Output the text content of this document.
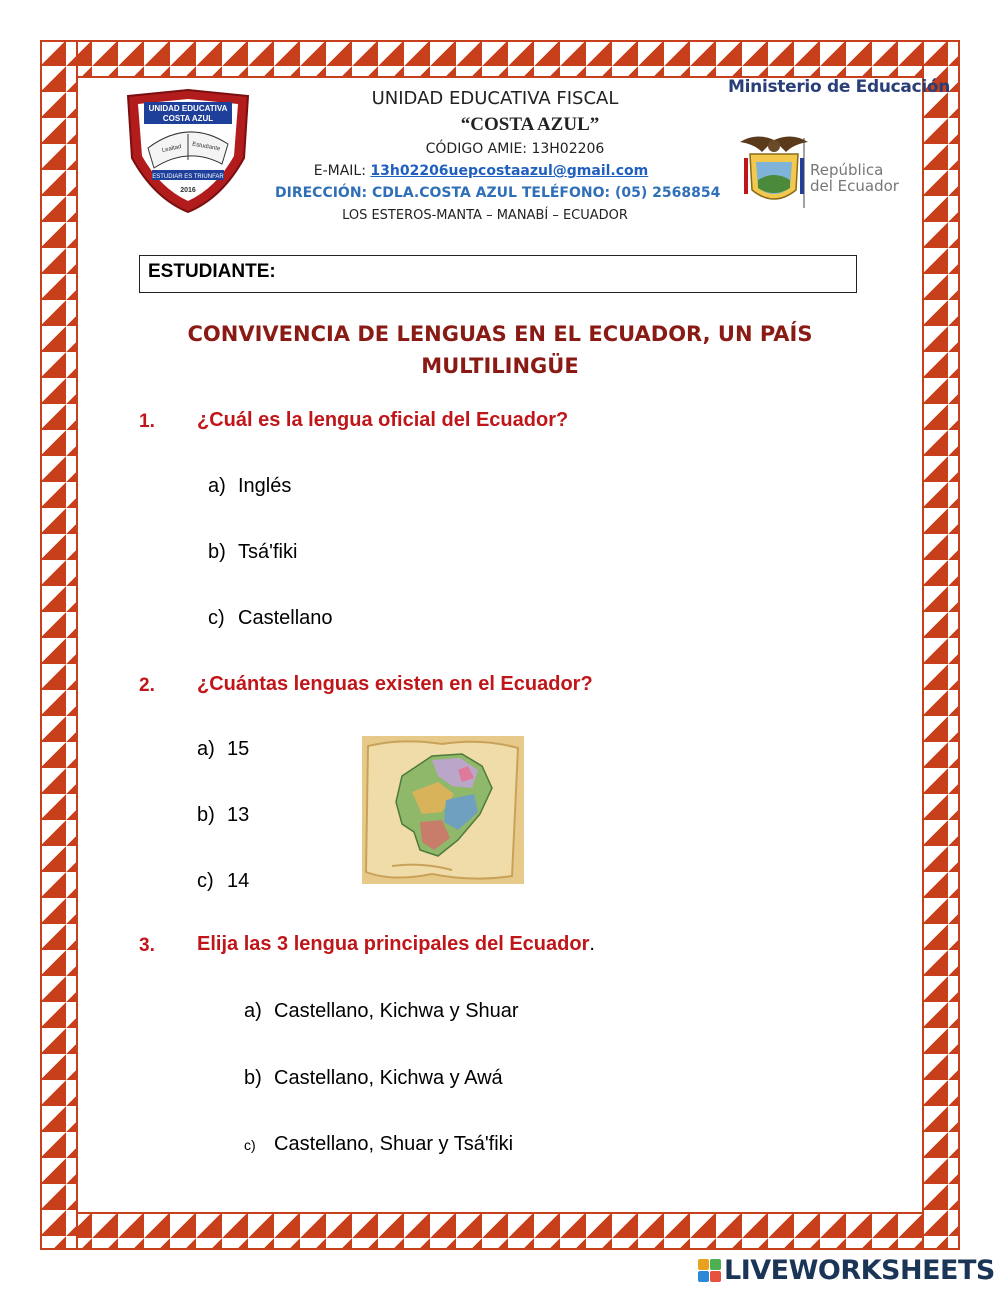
UNIDAD EDUCATIVA
COSTA AZUL
Lealtad Estudiante
ESTUDIAR ES TRIUNFAR
2016
UNIDAD EDUCATIVA FISCAL
“COSTA AZUL”
CÓDIGO AMIE: 13H02206
E-MAIL: 13h02206uepcostaazul@gmail.com
DIRECCIÓN: CDLA.COSTA AZUL TELÉFONO: (05) 2568854
LOS ESTEROS-MANTA – MANABÍ – ECUADOR
Ministerio de Educación
República
del Ecuador
ESTUDIANTE:
CONVIVENCIA DE LENGUAS EN EL ECUADOR, UN PAÍS
MULTILINGÜE
1. ¿Cuál es la lengua oficial del Ecuador?
a) Inglés
b) Tsá'fiki
c) Castellano
2. ¿Cuántas lenguas existen en el Ecuador?
a) 15
b) 13
c) 14
3. Elija las 3 lengua principales del Ecuador.
a) Castellano, Kichwa y Shuar
b) Castellano, Kichwa y Awá
c) Castellano, Shuar y Tsá'fiki
LIVEWORKSHEETS
